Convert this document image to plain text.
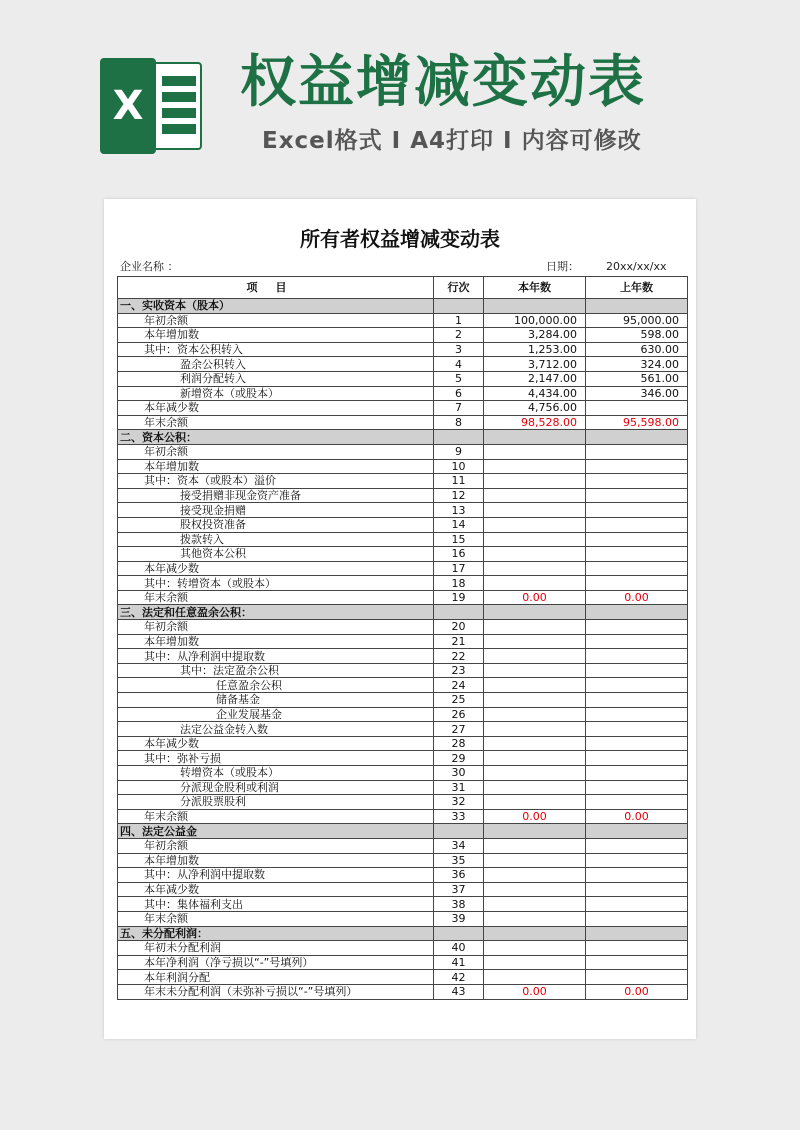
X 权益增减变动表
Excel格式 I A4打印 I 内容可修改
所有者权益增减变动表
企业名称 ：	日期： 20xx/xx/xx
项目	行次	本年数	上年数
一、实收资本（股本）			
年初余额	1	100,000.00	95,000.00
本年增加数	2	3,284.00	598.00
其中：资本公积转入	3	1,253.00	630.00
盈余公积转入	4	3,712.00	324.00
利润分配转入	5	2,147.00	561.00
新增资本（或股本）	6	4,434.00	346.00
本年减少数	7	4,756.00	
年末余额	8	98,528.00	95,598.00
二、资本公积：			
年初余额	9		
本年增加数	10		
其中：资本（或股本）溢价	11		
接受捐赠非现金资产准备	12		
接受现金捐赠	13		
股权投资准备	14		
拨款转入	15		
其他资本公积	16		
本年减少数	17		
其中：转增资本（或股本）	18		
年末余额	19	0.00	0.00
三、法定和任意盈余公积：			
年初余额	20		
本年增加数	21		
其中：从净利润中提取数	22		
其中：法定盈余公积	23		
任意盈余公积	24		
储备基金	25		
企业发展基金	26		
法定公益金转入数	27		
本年减少数	28		
其中：弥补亏损	29		
转增资本（或股本）	30		
分派现金股利或利润	31		
分派股票股利	32		
年末余额	33	0.00	0.00
四、法定公益金			
年初余额	34		
本年增加数	35		
其中：从净利润中提取数	36		
本年减少数	37		
其中：集体福利支出	38		
年末余额	39		
五、未分配利润：			
年初未分配利润	40		
本年净利润（净亏损以“-”号填列）	41		
本年利润分配	42		
年末未分配利润（未弥补亏损以“-”号填列）	43	0.00	0.00
